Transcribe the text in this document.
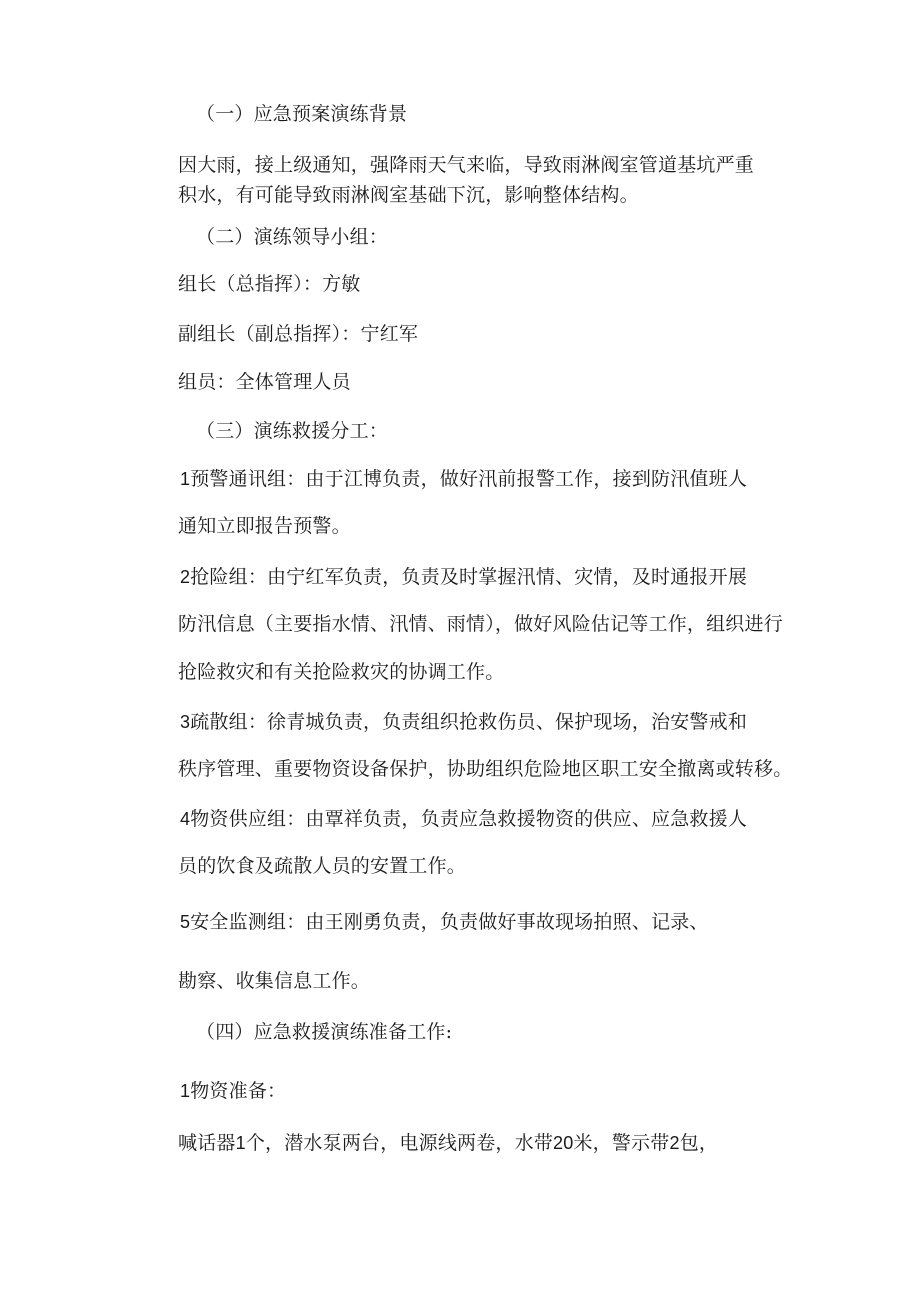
（一）应急预案演练背景

因大雨，接上级通知，强降雨天气来临，导致雨淋阀室管道基坑严重

积水，有可能导致雨淋阀室基础下沉，影响整体结构。

（二）演练领导小组：

组长（总指挥）：方敏

副组长（副总指挥）：宁红军

组员：全体管理人员

（三）演练救援分工：

1预警通讯组：由于江博负责，做好汛前报警工作，接到防汛值班人

通知立即报告预警。

2抢险组：由宁红军负责，负责及时掌握汛情、灾情，及时通报开展

防汛信息（主要指水情、汛情、雨情），做好风险估记等工作，组织进行

抢险救灾和有关抢险救灾的协调工作。

3疏散组：徐青城负责，负责组织抢救伤员、保护现场，治安警戒和

秩序管理、重要物资设备保护，协助组织危险地区职工安全撤离或转移。

4物资供应组：由覃祥负责，负责应急救援物资的供应、应急救援人

员的饮食及疏散人员的安置工作。

5安全监测组：由王刚勇负责，负责做好事故现场拍照、记录、

勘察、收集信息工作。

（四）应急救援演练准备工作:

1物资准备：

喊话器1个，潜水泵两台，电源线两卷，水带20米，警示带2包，
